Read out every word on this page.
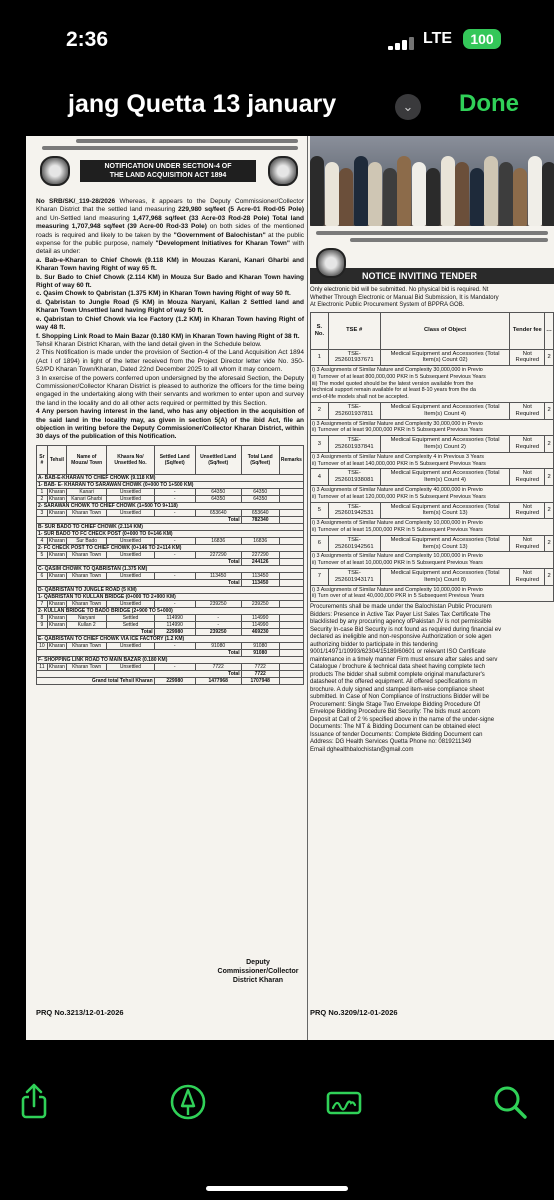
2:36	LTE	100
jang Quetta 13 january	⌄	Done
NOTIFICATION UNDER SECTION-4 OF
THE LAND ACQUISITION ACT 1894

No SRB/SK/_119-28/2026 Whereas, it appears to the Deputy Commissioner/Collector Kharan District that the settled land measuring 229,980 sq/feet (5 Acre-01 Rod-05 Pole) and Un-Settled land measuring 1,477,968 sq/feet (33 Acre-03 Rod-28 Pole) Total land measuring 1,707,948 sq/feet (39 Acre-00 Rod-33 Pole) on both sides of the mentioned roads is required and likely to be taken by the "Government of Balochistan" at the public expense for the public purpose, namely "Development Initiatives for Kharan Town" with detail as under:

a. Bab-e-Kharan to Chief Chowk (9.118 KM) in Mouzas Karani, Kanari Gharbi and Kharan Town having Right of way 65 ft.

b. Sur Bado to Chief Chowk (2.114 KM) in Mouza Sur Bado and Kharan Town having Right of way 60 ft.

c. Qasim Chowk to Qabristan (1.375 KM) in Kharan Town having Right of way 50 ft.

d. Qabristan to Jungle Road (5 KM) in Mouza Naryani, Kallan 2 Settled land and Kharan Town Unsettled land having Right of way 50 ft.

e. Qabristan to Chief Chowk via Ice Factory (1.2 KM) in Kharan Town having Right of way 48 ft.

f. Shopping Link Road to Main Bazar (0.180 KM) in Kharan Town having Right of 38 ft.

Tehsil Kharan District Kharan, with the land detail given in the Schedule below.

2 This Notification is made under the provision of Section-4 of the Land Acquisition Act 1894 (Act I of 1894) in light of the letter received from the Project Director letter vide No. 350-52/PD Kharan Town/Kharan, Dated 22nd December 2025 to all whom it may concern.

3 In exercise of the powers conferred upon undersigned by the aforesaid Section, the Deputy Commissioner/Collector Kharan District is pleased to authorize the officers for the time being engaged in the undertaking along with their servants and workmen to enter upon and survey the land in the locality and do all other acts required or permitted by this Section.

4 Any person having interest in the land, who has any objection in the acquisition of the said land in the locality may, as given in section 5(A) of the ibid Act, file an objection in writing before the Deputy Commissioner/Collector Kharan District, within 30 days of the publication of this Notification.

Sr #	Tehsil	Name of Mouza/ Town	Khasra No/ Unsettled No.	Settled Land (Sq/feet)	Unsettled Land (Sq/feet)	Total Land (Sq/feet)	Remarks
A- BAB-E-KHARAN TO CHIEF CHOWK (9.118 KM)							
1- BAB- E- KHARAN TO SARAWAN CHOWK (0+000 TO 1+500 KM)							
1	Kharan	Kanari	Unsettled	-	64350	64350	
2	Kharan	Kanari Gharbi	Unsettled	-	64350	64350	
2- SARAWAN CHOWK TO CHIEF CHOWK (1+500 TO 9+118)							
3	Kharan	Kharan Town	Unsettled	-	653640	653640	
Total						782340	
B- SUR BADO TO CHIEF CHOWK (2.114 KM)							
1- SUR BADO TO FC CHECK POST (0+000 TO 0+146 KM)							
4	Kharan	Sur Bado	Unsettled	-	16836	16836	
2- FC CHECK POST TO CHIEF CHOWK (0+146 TO 2+114 KM)							
5	Kharan	Kharan Town	Unsettled	-	227290	227290	
Total						244126	
C- QASIM CHOWK TO QABRISTAN (1.375 KM)							
6	Kharan	Kharan Town	Unsettled	-	113450	113450	
Total						113450	
D- QABRISTAN TO JUNGLE ROAD (5 KM)							
1- QABRISTAN TO KULLAN BRIDGE (0+000 TO 2+900 KM)							
7	Kharan	Kharan Town	Unsettled	-	239250	239250	
2- KULLAN BRIDGE TO BADO BRIDGE (2+900 TO 5+000)							
8	Kharan	Naryani	Settled	114990	-	114990	
9	Kharan	Kullan 2	Settled	114990	-	114990	
Total				229980	239250	469230	
E- QABRISTAN TO CHIEF CHOWK VIA ICE FACTORY (1.2 KM)							
10	Kharan	Kharan Town	Unsettled	-	91080	91080	
Total						91080	
F- SHOPPING LINK ROAD TO MAIN BAZAR (0.180 KM)							
11	Kharan	Kharan Town	Unsettled	-	7722	7722	
Total						7722	
Grand total Tehsil Kharan				229980	1477968	1707948	
Deputy
Commissioner/Collector
District Kharan
PRQ No.3213/12-01-2026
NOTICE INVITING TENDER
Only electronic bid will be submitted. No physical bid is required. Nt
Whether Through Electronic or Manual Bid Submission, It is Mandatory
At Electronic Public Procurement System of BPPRA GOB.
S. No.	TSE #	Class of Object	Tender fee	…
1	TSE-252601937671	Medical Equipment and Accessories (Total Item(s) Count 02)	Not Required	2

i) 3 Assignments of Similar Nature and Complexity 30,000,000 in Previo
ii) Turnover of at least 800,000,000 PKR in 5 Subsequent Previous Years
iii) The model quoted should be the latest version available from the
technical support remain available for at least 8-10 years from the da
end-of-life models shall not be accepted.				

2	TSE-252601937811	Medical Equipment and Accessories (Total Item(s) Count 4)	Not Required	2

i) 3 Assignments of Similar Nature and Complexity 30,000,000 in Previo
ii) Turnover of at least 90,000,000 PKR in 5 Subsequent Previous Years				

3	TSE-252601937841	Medical Equipment and Accessories (Total Item(s) Count 2)	Not Required	2

i) 3 Assignments of Similar Nature and Complexity 4 in Previous 3 Years
ii) Turnover of at least 140,000,000 PKR in 5 Subsequent Previous Years				

4	TSE-252601938081	Medical Equipment and Accessories (Total Item(s) Count 4)	Not Required	2

i) 3 Assignments of Similar Nature and Complexity 40,000,000 in Previo
ii) Turnover of at least 120,000,000 PKR in 5 Subsequent Previous Years				

5	TSE-252601942531	Medical Equipment and Accessories (Total Item(s) Count 13)	Not Required	2

i) 3 Assignments of Similar Nature and Complexity 10,000,000 in Previo
ii) Turnover of at least 15,000,000 PKR in 5 Subsequent Previous Years				

6	TSE-252601942561	Medical Equipment and Accessories (Total Item(s) Count 13)	Not Required	2

i) 3 Assignments of Similar Nature and Complexity 10,000,000 in Previo
ii) Turnover of at least 10,000,000 PKR in 5 Subsequent Previous Years				

7	TSE-252601943171	Medical Equipment and Accessories (Total Item(s) Count 8)	Not Required	2

i) 3 Assignments of Similar Nature and Complexity 10,000,000 in Previo
ii) Turn over of at least 40,000,000 PKR in 5 Subsequent Previous Years				
Procurements shall be made under the Balochistan Public Procurem
Bidders: Presence in Active Tax Payer List Sales Tax Certificate The
blacklisted by any procuring agency ofPakistan JV is not permissible
Security In-case Bid Security is not found as required during financial ev
declared as ineligible and non-responsive Authorization or sole agen
authorizing bidder to participate in this tendering
9001/14971/10993/62304/15189/60601 or relevant ISO Certificate
maintenance in a timely manner Firm must ensure after sales and serv
Catalogue / brochure & technical data sheet having complete tech
products The bidder shall submit complete original manufacturer's
datasheet of the offered equipment. All offered specifications m
brochure. A duly signed and stamped item-wise compliance sheet
submitted. In Case of Non Compliance of Instructions Bidder will be
Procurement: Single Stage Two Envelope Bidding Procedure Of
Envelope Bidding Procedure Bid Security: The bids must accom
Deposit at Call of 2 % specified above in the name of the under-signe
Documents: The NIT & Bidding Document can be obtained elect
Issuance of tender Documents: Complete Bidding Document can
Address: DG Health Services Quetta Phone no: 0819211349
Email dghealthbalochistan@gmail.com
PRQ No.3209/12-01-2026
